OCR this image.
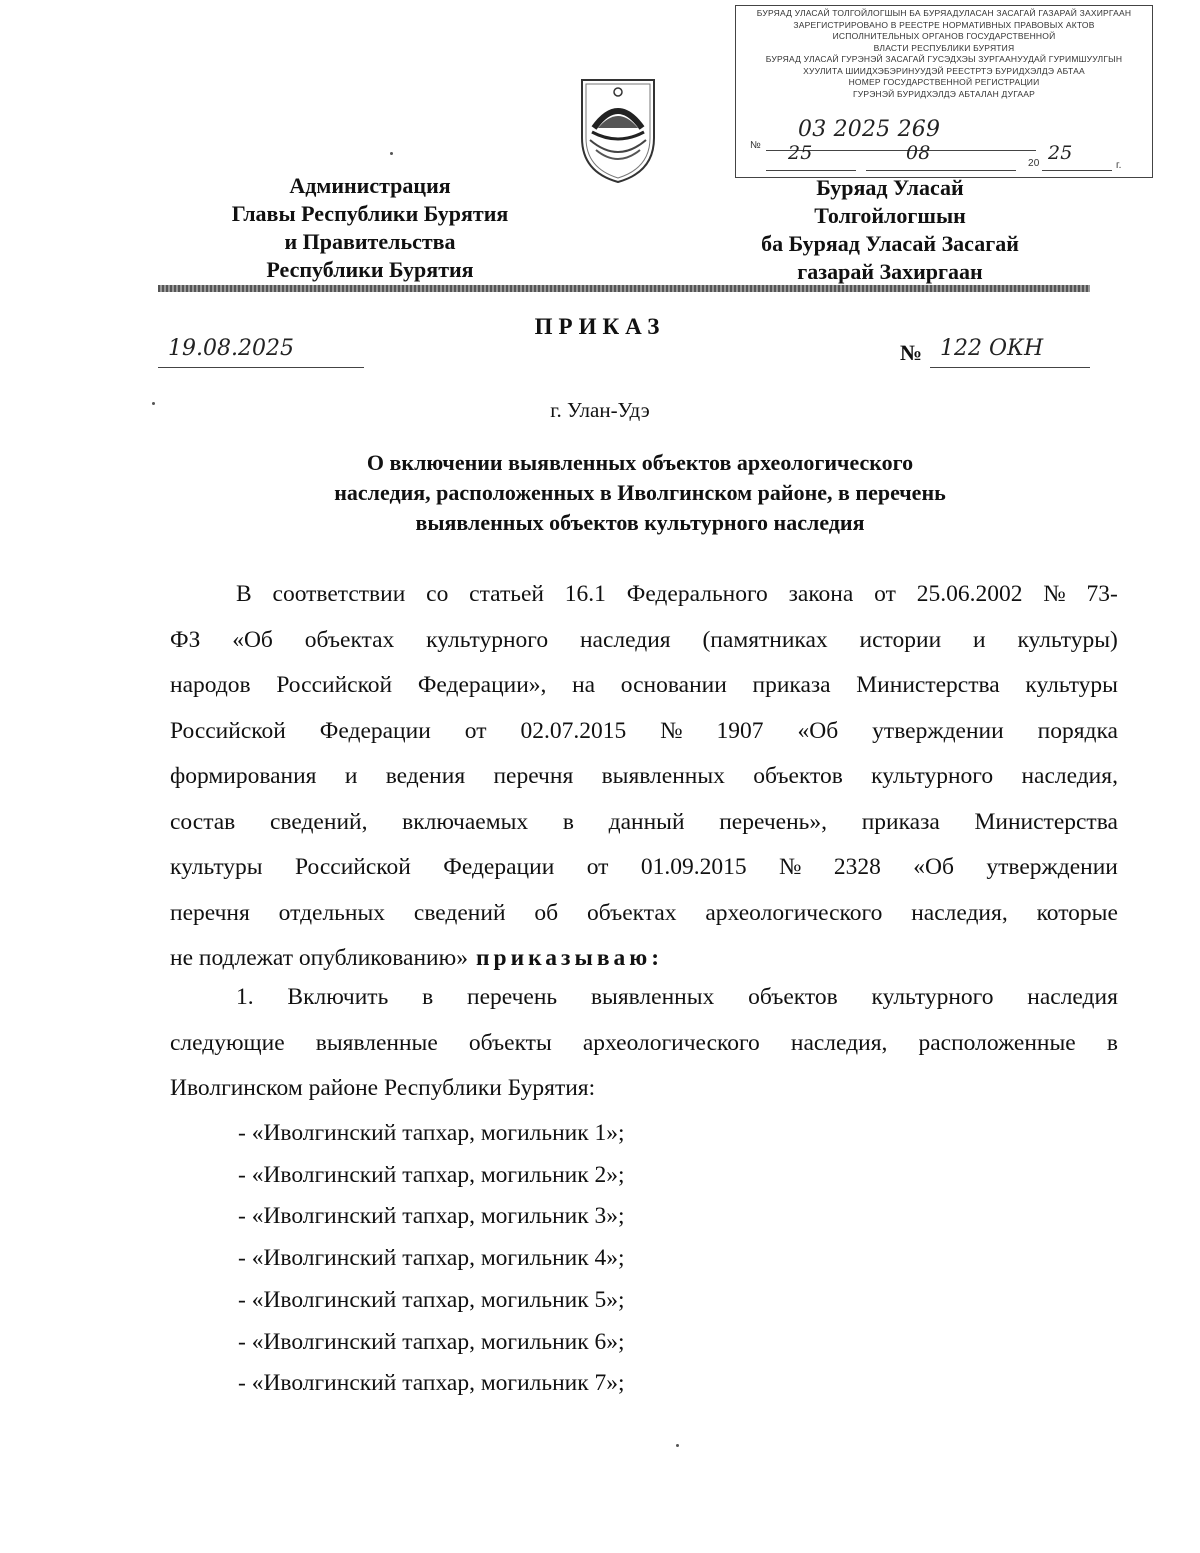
БУРЯАД УЛАСАЙ ТОЛГОЙЛОГШЫН БА БУРЯАДУЛАСАН ЗАСАГАЙ ГАЗАРАЙ ЗАХИРГААН
ЗАРЕГИСТРИРОВАНО В РЕЕСТРЕ НОРМАТИВНЫХ ПРАВОВЫХ АКТОВ
ИСПОЛНИТЕЛЬНЫХ ОРГАНОВ ГОСУДАРСТВЕННОЙ
ВЛАСТИ РЕСПУБЛИКИ БУРЯТИЯ
БУРЯАД УЛАСАЙ ГУРЭНЭЙ ЗАСАГАЙ ГУСЭДХЭЫ ЗУРГААНУУДАЙ ГУРИМШУУЛГЫН
ХУУЛИТА ШИИДХЭБЭРИНУУДЭЙ РЕЕСТРТЭ БУРИДХЭЛДЭ АБТАА
НОМЕР ГОСУДАРСТВЕННОЙ РЕГИСТРАЦИИ
ГУРЭНЭЙ БУРИДХЭЛДЭ АБТАЛАН ДУГААР
№
03 2025 269
25	08	20 25
г.
Администрация
Главы Республики Бурятия
и Правительства
Республики Бурятия
Буряад Уласай
Толгойлогшын
ба Буряад Уласай Засагай
газарай Захиргаан
ПРИКАЗ
19.08.2025	№ 122 ОКН
г. Улан-Удэ
О включении выявленных объектов археологического
наследия, расположенных в Иволгинском районе, в перечень
выявленных объектов культурного наследия
В соответствии со статьей 16.1 Федерального закона от 25.06.2002 № 73-
ФЗ «Об объектах культурного наследия (памятниках истории и культуры)
народов Российской Федерации», на основании приказа Министерства культуры
Российской Федерации от 02.07.2015 № 1907 «Об утверждении порядка
формирования и ведения перечня выявленных объектов культурного наследия,
состав сведений, включаемых в данный перечень», приказа Министерства
культуры Российской Федерации от 01.09.2015 № 2328 «Об утверждении
перечня отдельных сведений об объектах археологического наследия, которые
не подлежат опубликованию» приказываю:
1. Включить в перечень выявленных объектов культурного наследия
следующие выявленные объекты археологического наследия, расположенные в
Иволгинском районе Республики Бурятия:
- «Иволгинский тапхар, могильник 1»;
- «Иволгинский тапхар, могильник 2»;
- «Иволгинский тапхар, могильник 3»;
- «Иволгинский тапхар, могильник 4»;
- «Иволгинский тапхар, могильник 5»;
- «Иволгинский тапхар, могильник 6»;
- «Иволгинский тапхар, могильник 7»;
